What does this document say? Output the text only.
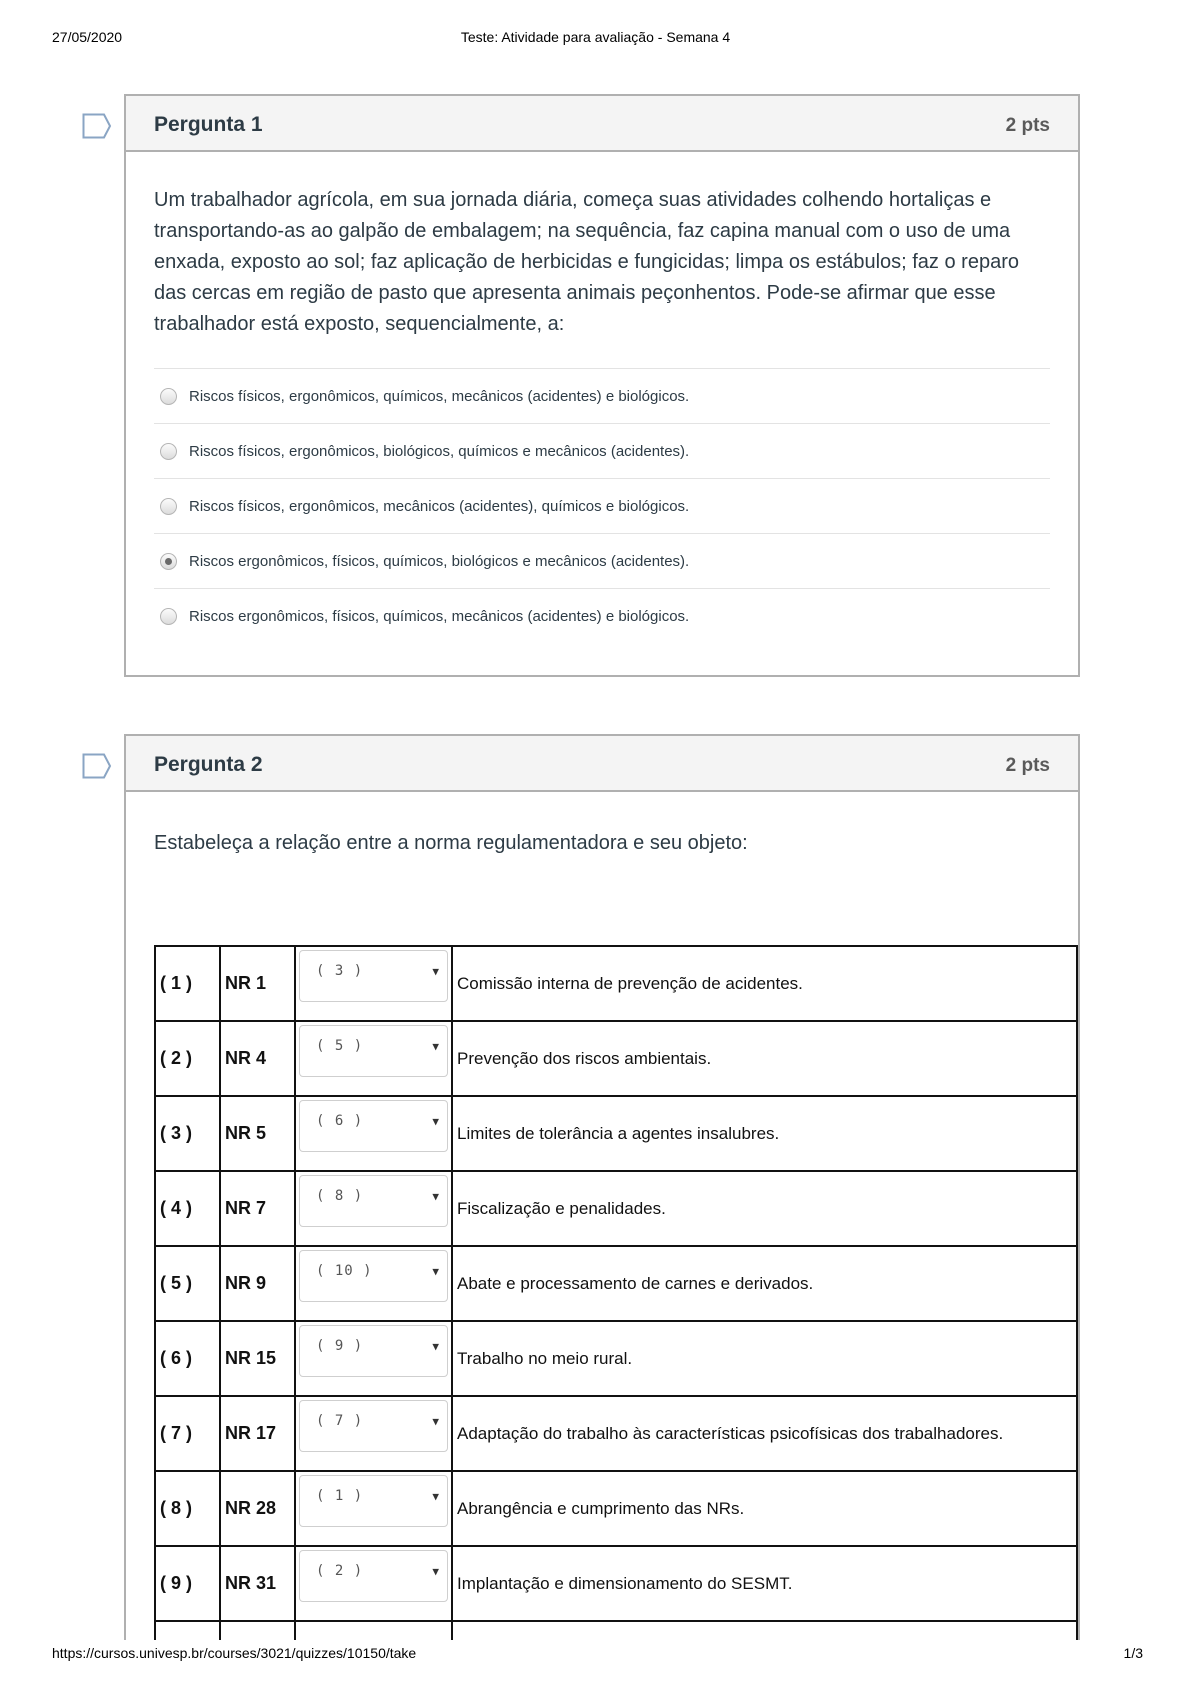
27/05/2020	Teste: Atividade para avaliação - Semana 4
Pergunta 1	2 pts

Um trabalhador agrícola, em sua jornada diária, começa suas atividades colhendo hortaliças e transportando-as ao galpão de embalagem; na sequência, faz capina manual com o uso de uma enxada, exposto ao sol; faz aplicação de herbicidas e fungicidas; limpa os estábulos; faz o reparo das cercas em região de pasto que apresenta animais peçonhentos. Pode-se afirmar que esse trabalhador está exposto, sequencialmente, a:

Riscos físicos, ergonômicos, químicos, mecânicos (acidentes) e biológicos.
Riscos físicos, ergonômicos, biológicos, químicos e mecânicos (acidentes).
Riscos físicos, ergonômicos, mecânicos (acidentes), químicos e biológicos.
Riscos ergonômicos, físicos, químicos, biológicos e mecânicos (acidentes).
Riscos ergonômicos, físicos, químicos, mecânicos (acidentes) e biológicos.
Pergunta 2	2 pts

Estabeleça a relação entre a norma regulamentadora e seu objeto:

( 1 )	NR 1	( 3 ) ▼	Comissão interna de prevenção de acidentes.
( 2 )	NR 4	( 5 ) ▼	Prevenção dos riscos ambientais.
( 3 )	NR 5	( 6 ) ▼	Limites de tolerância a agentes insalubres.
( 4 )	NR 7	( 8 ) ▼	Fiscalização e penalidades.
( 5 )	NR 9	( 10 ) ▼	Abate e processamento de carnes e derivados.
( 6 )	NR 15	( 9 ) ▼	Trabalho no meio rural.
( 7 )	NR 17	( 7 ) ▼	Adaptação do trabalho às características psicofísicas dos trabalhadores.
( 8 )	NR 28	( 1 ) ▼	Abrangência e cumprimento das NRs.
( 9 )	NR 31	( 2 ) ▼	Implantação e dimensionamento do SESMT.

https://cursos.univesp.br/courses/3021/quizzes/10150/take	1/3
